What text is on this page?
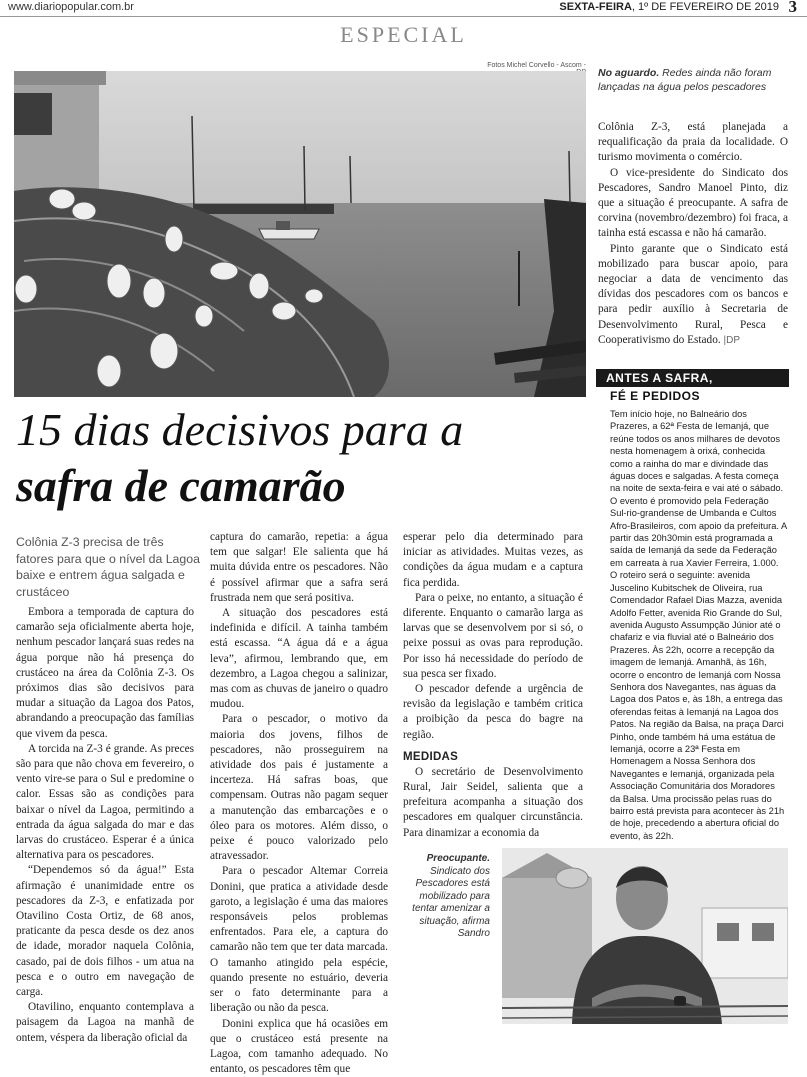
www.diariopopular.com.br	SEXTA-FEIRA, 1º DE FEVEREIRO DE 2019 3
ESPECIAL
Fotos Michel Corvello - Ascom -
No aguardo. Redes ainda não foram lançadas na água pelos pescadores

Colônia Z-3, está planejada a requalificação da praia da localidade. O turismo movimenta o comércio.

O vice-presidente do Sindicato dos Pescadores, Sandro Manoel Pinto, diz que a situação é preocupante. A safra de corvina (novembro/dezembro) foi fraca, a tainha está escassa e não há camarão.

Pinto garante que o Sindicato está mobilizado para buscar apoio, para negociar a data de vencimento das dívidas dos pescadores com os bancos e para pedir auxílio à Secretaria de Desenvolvimento Rural, Pesca e Cooperativismo do Estado. |DP

ANTES A SAFRA,
FÉ E PEDIDOS
Tem início hoje, no Balneário dos Prazeres, a 62ª Festa de Iemanjá, que reúne todos os anos milhares de devotos nesta homenagem à orixá, conhecida como a rainha do mar e divindade das águas doces e salgadas. A festa começa na noite de sexta-feira e vai até o sábado. O evento é promovido pela Federação Sul-rio-grandense de Umbanda e Cultos Afro-Brasileiros, com apoio da prefeitura. A partir das 20h30min está programada a saída de Iemanjá da sede da Federação em carreata à rua Xavier Ferreira, 1.000. O roteiro será o seguinte: avenida Juscelino Kubitschek de Oliveira, rua Comendador Rafael Dias Mazza, avenida Adolfo Fetter, avenida Rio Grande do Sul, avenida Augusto Assumpção Júnior até o chafariz e via fluvial até o Balneário dos Prazeres. Às 22h, ocorre a recepção da imagem de Iemanjá. Amanhã, às 16h, ocorre o encontro de Iemanjá com Nossa Senhora dos Navegantes, nas águas da Lagoa dos Patos e, às 18h, a entrega das oferendas feitas à Iemanjá na Lagoa dos Patos. Na região da Balsa, na praça Darci Pinho, onde também há uma estátua de Iemanjá, ocorre a 23ª Festa em Homenagem a Nossa Senhora dos Navegantes e Iemanjá, organizada pela Associação Comunitária dos Moradores da Balsa. Uma procissão pelas ruas do bairro está prevista para acontecer às 21h de hoje, precedendo a abertura oficial do evento, às 22h.
15 dias decisivos para a
safra de camarão
Colônia Z-3 precisa de três fatores para que o nível da Lagoa baixe e entrem água salgada e crustáceo

Embora a temporada de captura do camarão seja oficialmente aberta hoje, nenhum pescador lançará suas redes na água porque não há presença do crustáceo na área da Colônia Z-3. Os próximos dias são decisivos para mudar a situação da Lagoa dos Patos, abrandando a preocupação das famílias que vivem da pesca.

A torcida na Z-3 é grande. As preces são para que não chova em fevereiro, o vento vire-se para o Sul e predomine o calor. Essas são as condições para baixar o nível da Lagoa, permitindo a entrada da água salgada do mar e das larvas do crustáceo. Esperar é a única alternativa para os pescadores.

“Dependemos só da água!” Esta afirmação é unanimidade entre os pescadores da Z-3, e enfatizada por Otavilino Costa Ortiz, de 68 anos, praticante da pesca desde os dez anos de idade, morador naquela Colônia, casado, pai de dois filhos - um atua na pesca e o outro em navegação de carga.

Otavilino, enquanto contemplava a paisagem da Lagoa na manhã de ontem, véspera da liberação oficial da

captura do camarão, repetia: a água tem que salgar! Ele salienta que há muita dúvida entre os pescadores. Não é possível afirmar que a safra será frustrada nem que será positiva.

A situação dos pescadores está indefinida e difícil. A tainha também está escassa. “A água dá e a água leva”, afirmou, lembrando que, em dezembro, a Lagoa chegou a salinizar, mas com as chuvas de janeiro o quadro mudou.

Para o pescador, o motivo da maioria dos jovens, filhos de pescadores, não prosseguirem na atividade dos pais é justamente a incerteza. Há safras boas, que compensam. Outras não pagam sequer a manutenção das embarcações e o óleo para os motores. Além disso, o peixe é pouco valorizado pelo atravessador.

Para o pescador Altemar Correia Donini, que pratica a atividade desde garoto, a legislação é uma das maiores responsáveis pelos problemas enfrentados. Para ele, a captura do camarão não tem que ter data marcada. O tamanho atingido pela espécie, quando presente no estuário, deveria ser o fato determinante para a liberação ou não da pesca.

Donini explica que há ocasiões em que o crustáceo está presente na Lagoa, com tamanho adequado. No entanto, os pescadores têm que

esperar pelo dia determinado para iniciar as atividades. Muitas vezes, as condições da água mudam e a captura fica perdida.

Para o peixe, no entanto, a situação é diferente. Enquanto o camarão larga as larvas que se desenvolvem por si só, o peixe possui as ovas para reprodução. Por isso há necessidade do período de sua pesca ser fixado.

O pescador defende a urgência de revisão da legislação e também critica a proibição da pesca do bagre na região.

MEDIDAS

O secretário de Desenvolvimento Rural, Jair Seidel, salienta que a prefeitura acompanha a situação dos pescadores em qualquer circunstância. Para dinamizar a economia da

Preocupante. Sindicato dos Pescadores está mobilizado para tentar amenizar a situação, afirma Sandro
